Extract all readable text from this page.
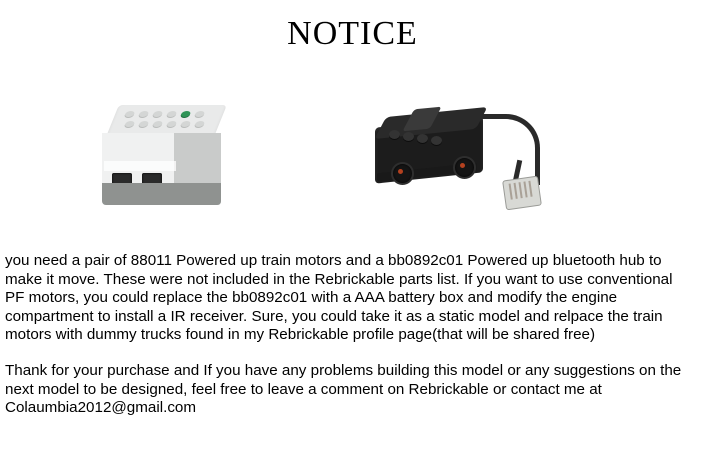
NOTICE

you need a pair of 88011 Powered up train motors and a bb0892c01 Powered up bluetooth hub to make it move. These were not included in the Rebrickable parts list. If you want to use conventional PF motors, you could replace the bb0892c01 with a AAA battery box and modify the engine compartment to install a IR receiver. Sure, you could take it as a static model and relpace the train motors with dummy trucks found in my Rebrickable profile page(that will be shared free)

Thank for your purchase and If you have any problems building this model or any suggestions on the next model to be designed, feel free to leave a comment on Rebrickable or contact me at Colaumbia2012@gmail.com
